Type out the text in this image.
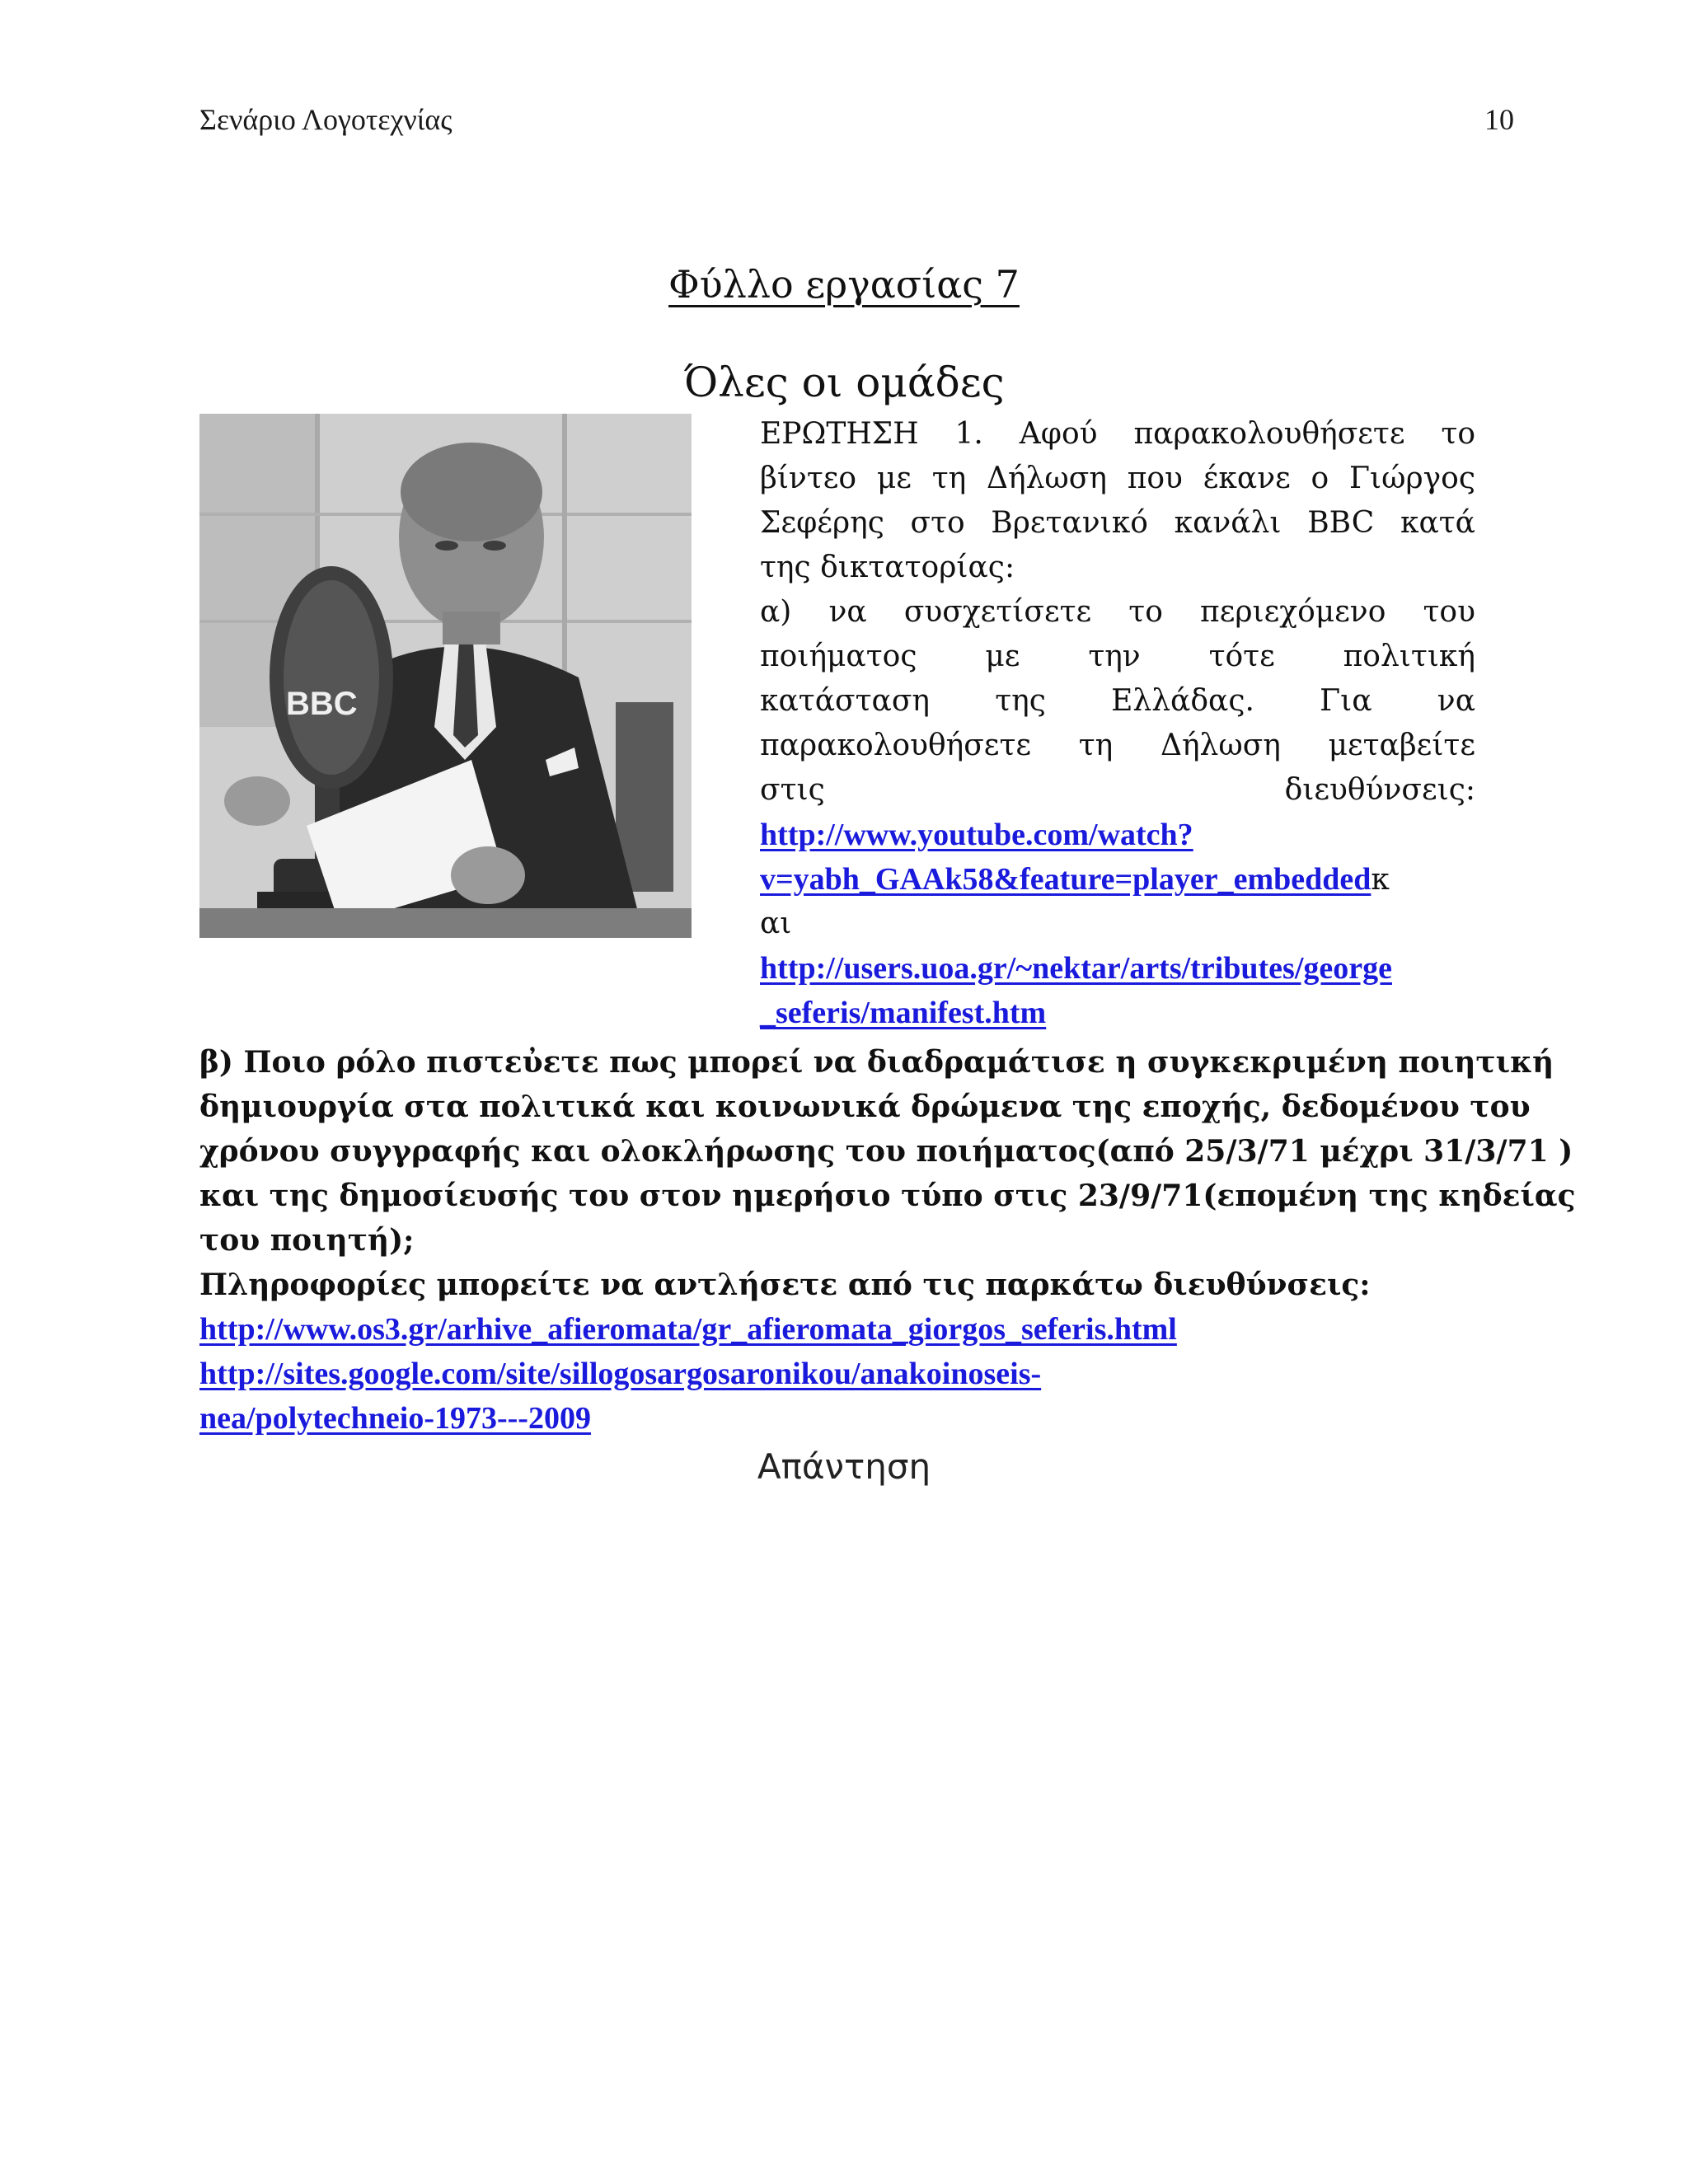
Σενάριο Λογοτεχνίας	10
Φύλλο εργασίας 7
Όλες οι ομάδες
BBC
ΕΡΩΤΗΣΗ 1. Αφού παρακολουθήσετε το
βίντεο με τη Δήλωση που έκανε ο Γιώργος
Σεφέρης στο Βρετανικό κανάλι BBC κατά
της δικτατορίας:
α) να συσχετίσετε το περιεχόμενο του
ποιήματος με την τότε πολιτική
κατάσταση της Ελλάδας. Για να
παρακολουθήσετε τη Δήλωση μεταβείτε
στις διευθύνσεις:
http://www.youtube.com/watch?
v=yabh_GAAk58&feature=player_embeddedκ
αι
http://users.uoa.gr/~nektar/arts/tributes/george
_seferis/manifest.htm
β) Ποιο ρόλο πιστεὐετε πως μπορεί να διαδραμάτισε η συγκεκριμένη ποιητική
δημιουργία στα πολιτικά και κοινωνικά δρώμενα της εποχής, δεδομένου του
χρόνου συγγραφής και ολοκλήρωσης του ποιήματος(από 25/3/71 μέχρι 31/3/71 )
και της δημοσίευσής του στον ημερήσιο τύπο στις 23/9/71(επομένη της κηδείας
του ποιητή);
Πληροφορίες μπορείτε να αντλήσετε από τις παρκάτω διευθύνσεις:
http://www.os3.gr/arhive_afieromata/gr_afieromata_giorgos_seferis.html
http://sites.google.com/site/sillogosargosaronikou/anakoinoseis-
nea/polytechneio-1973---2009
Απάντηση
